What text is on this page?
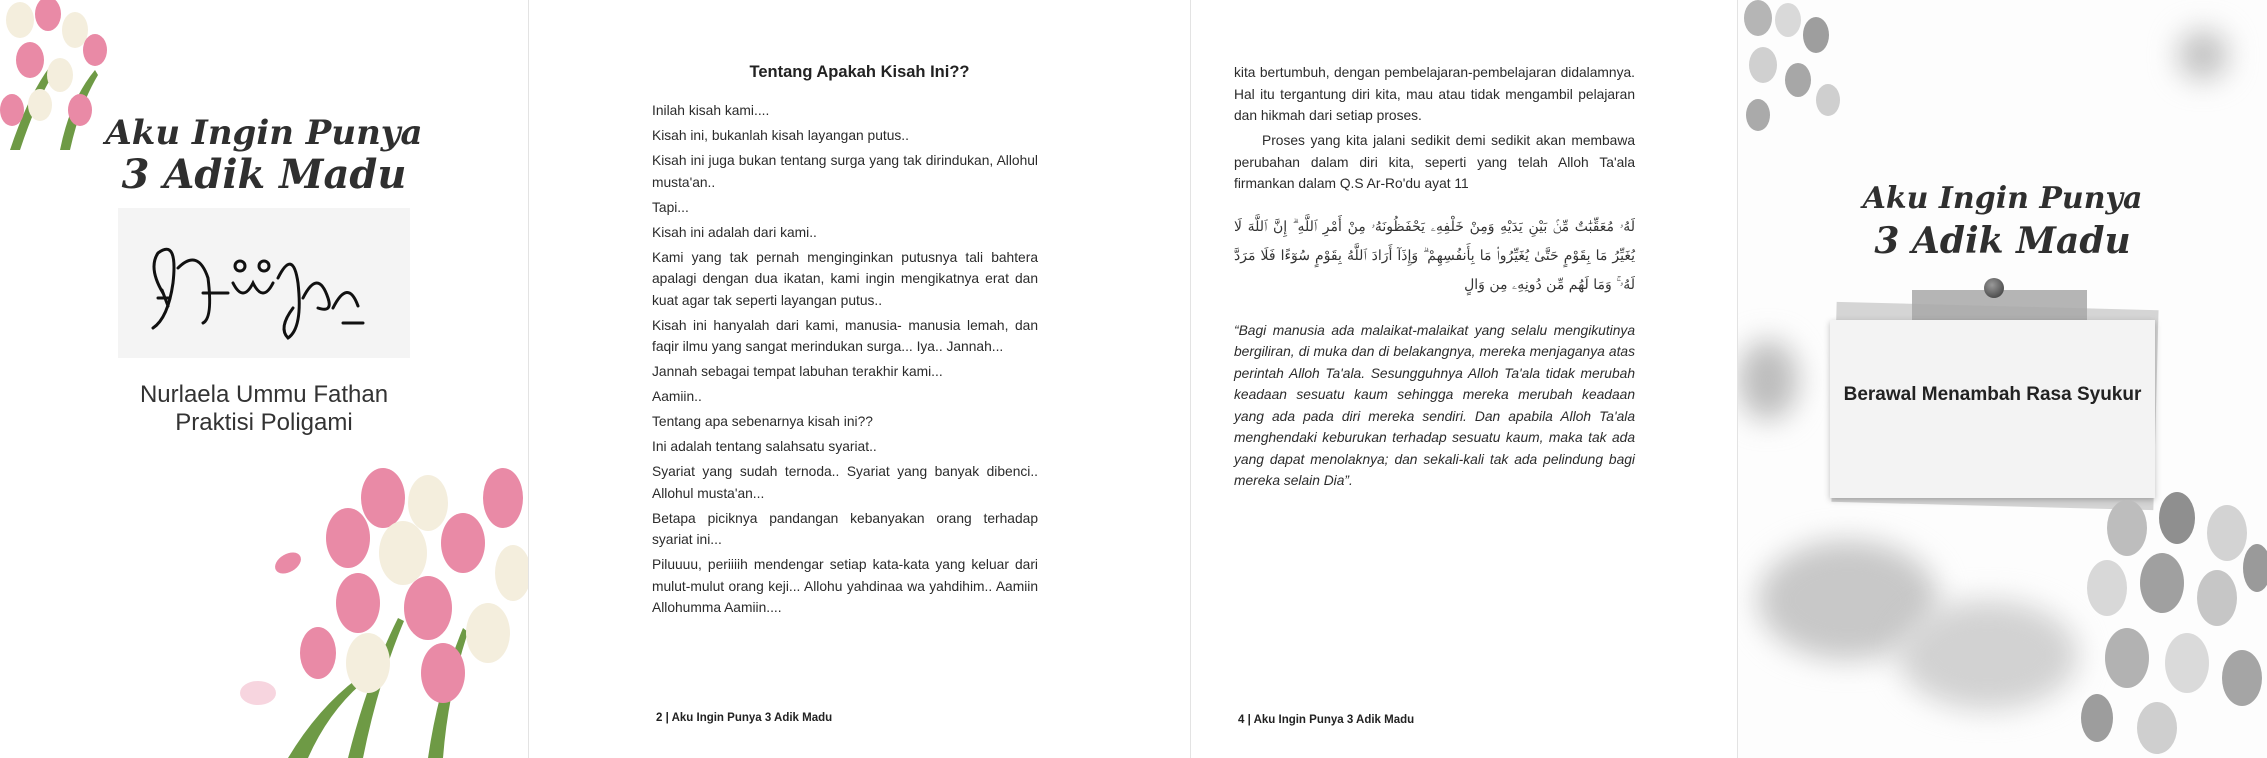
Aku Ingin Punya
3 Adik Madu
Nurlaela Ummu Fathan
Praktisi Poligami
Tentang Apakah Kisah Ini??

Inilah kisah kami....

Kisah ini, bukanlah kisah layangan putus..

Kisah ini juga bukan tentang surga yang tak dirindukan, Allohul musta'an..

Tapi...

Kisah ini adalah dari kami..

Kami yang tak pernah menginginkan putusnya tali bahtera apalagi dengan dua ikatan, kami ingin mengikatnya erat dan kuat agar tak seperti layangan putus..

Kisah ini hanyalah dari kami, manusia- manusia lemah, dan faqir ilmu yang sangat merindukan surga... Iya.. Jannah...

Jannah sebagai tempat labuhan terakhir kami...

Aamiin..

Tentang apa sebenarnya kisah ini??

Ini adalah tentang salahsatu syariat..

Syariat yang sudah ternoda.. Syariat yang banyak dibenci.. Allohul musta'an...

Betapa piciknya pandangan kebanyakan orang terhadap syariat ini...

Piluuuu, periiiih mendengar setiap kata-kata yang keluar dari mulut-mulut orang keji... Allohu yahdinaa wa yahdihim.. Aamiin Allohumma Aamiin....

2 | Aku Ingin Punya 3 Adik Madu

kita bertumbuh, dengan pembelajaran-pembelajaran didalamnya. Hal itu tergantung diri kita, mau atau tidak mengambil pelajaran dan hikmah dari setiap proses.

Proses yang kita jalani sedikit demi sedikit akan membawa perubahan dalam diri kita, seperti yang telah Alloh Ta'ala firmankan dalam Q.S Ar-Ro'du ayat 11

لَهُۥ مُعَقِّبَٰتٌ مِّنۢ بَيْنِ يَدَيْهِ وَمِنْ خَلْفِهِۦ يَحْفَظُونَهُۥ مِنْ أَمْرِ ٱللَّهِ ۗ إِنَّ ٱللَّهَ لَا يُغَيِّرُ مَا بِقَوْمٍ حَتَّىٰ يُغَيِّرُوا۟ مَا بِأَنفُسِهِمْ ۗ وَإِذَآ أَرَادَ ٱللَّهُ بِقَوْمٍ سُوٓءًا فَلَا مَرَدَّ لَهُۥ ۚ وَمَا لَهُم مِّن دُونِهِۦ مِن وَالٍ

“Bagi manusia ada malaikat-malaikat yang selalu mengikutinya bergiliran, di muka dan di belakangnya, mereka menjaganya atas perintah Alloh Ta'ala. Sesungguhnya Alloh Ta'ala tidak merubah keadaan sesuatu kaum sehingga mereka merubah keadaan yang ada pada diri mereka sendiri. Dan apabila Alloh Ta'ala menghendaki keburukan terhadap sesuatu kaum, maka tak ada yang dapat menolaknya; dan sekali-kali tak ada pelindung bagi mereka selain Dia”.

4 | Aku Ingin Punya 3 Adik Madu
Aku Ingin Punya
3 Adik Madu
Berawal Menambah Rasa Syukur
